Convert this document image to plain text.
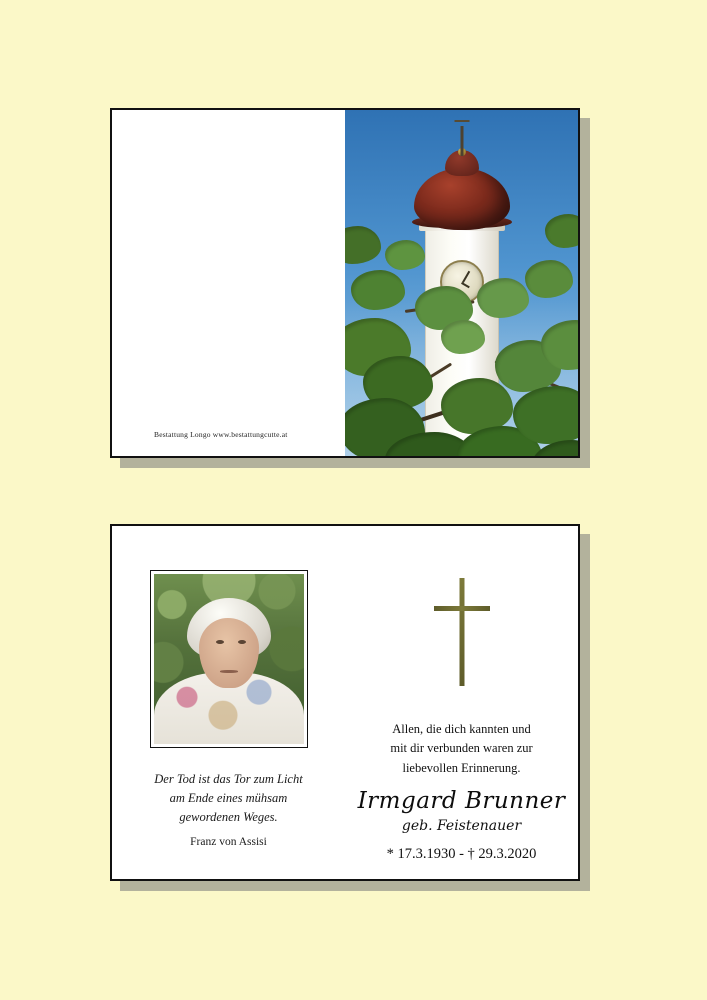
Bestattung Longo www.bestattungcutte.at
Der Tod ist das Tor zum Licht
am Ende eines mühsam
gewordenen Weges.
Franz von Assisi
Allen, die dich kannten und
mit dir verbunden waren zur
liebevollen Erinnerung.
Irmgard Brunner
geb. Feistenauer
* 17.3.1930 - † 29.3.2020
